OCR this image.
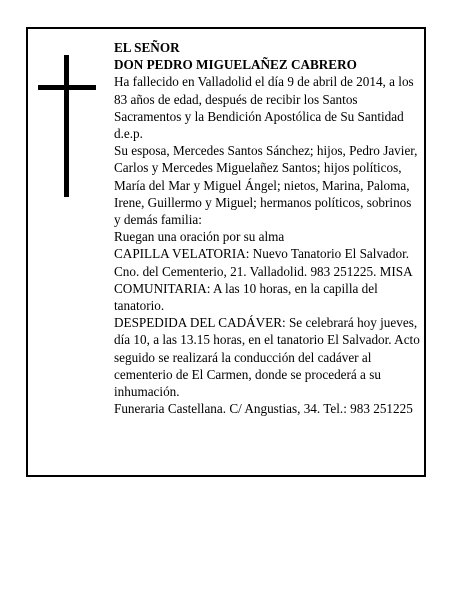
EL SEÑOR

DON PEDRO MIGUELAÑEZ CABRERO

Ha fallecido en Valladolid el día 9 de abril de 2014, a los 83 años de edad, después de recibir los Santos Sacramentos y la Bendición Apostólica de Su Santidad

d.e.p.

Su esposa, Mercedes Santos Sánchez; hijos, Pedro Javier, Carlos y Mercedes Miguelañez Santos; hijos políticos, María del Mar y Miguel Ángel; nietos, Marina, Paloma, Irene, Guillermo y Miguel; hermanos políticos, sobrinos y demás familia:

Ruegan una oración por su alma

CAPILLA VELATORIA: Nuevo Tanatorio El Salvador. Cno. del Cementerio, 21. Valladolid. 983 251225. MISA COMUNITARIA: A las 10 horas, en la capilla del tanatorio.

DESPEDIDA DEL CADÁVER: Se celebrará hoy jueves, día 10, a las 13.15 horas, en el tanatorio El Salvador. Acto seguido se realizará la conducción del cadáver al cementerio de El Carmen, donde se procederá a su inhumación.

Funeraria Castellana. C/ Angustias, 34. Tel.: 983 251225
